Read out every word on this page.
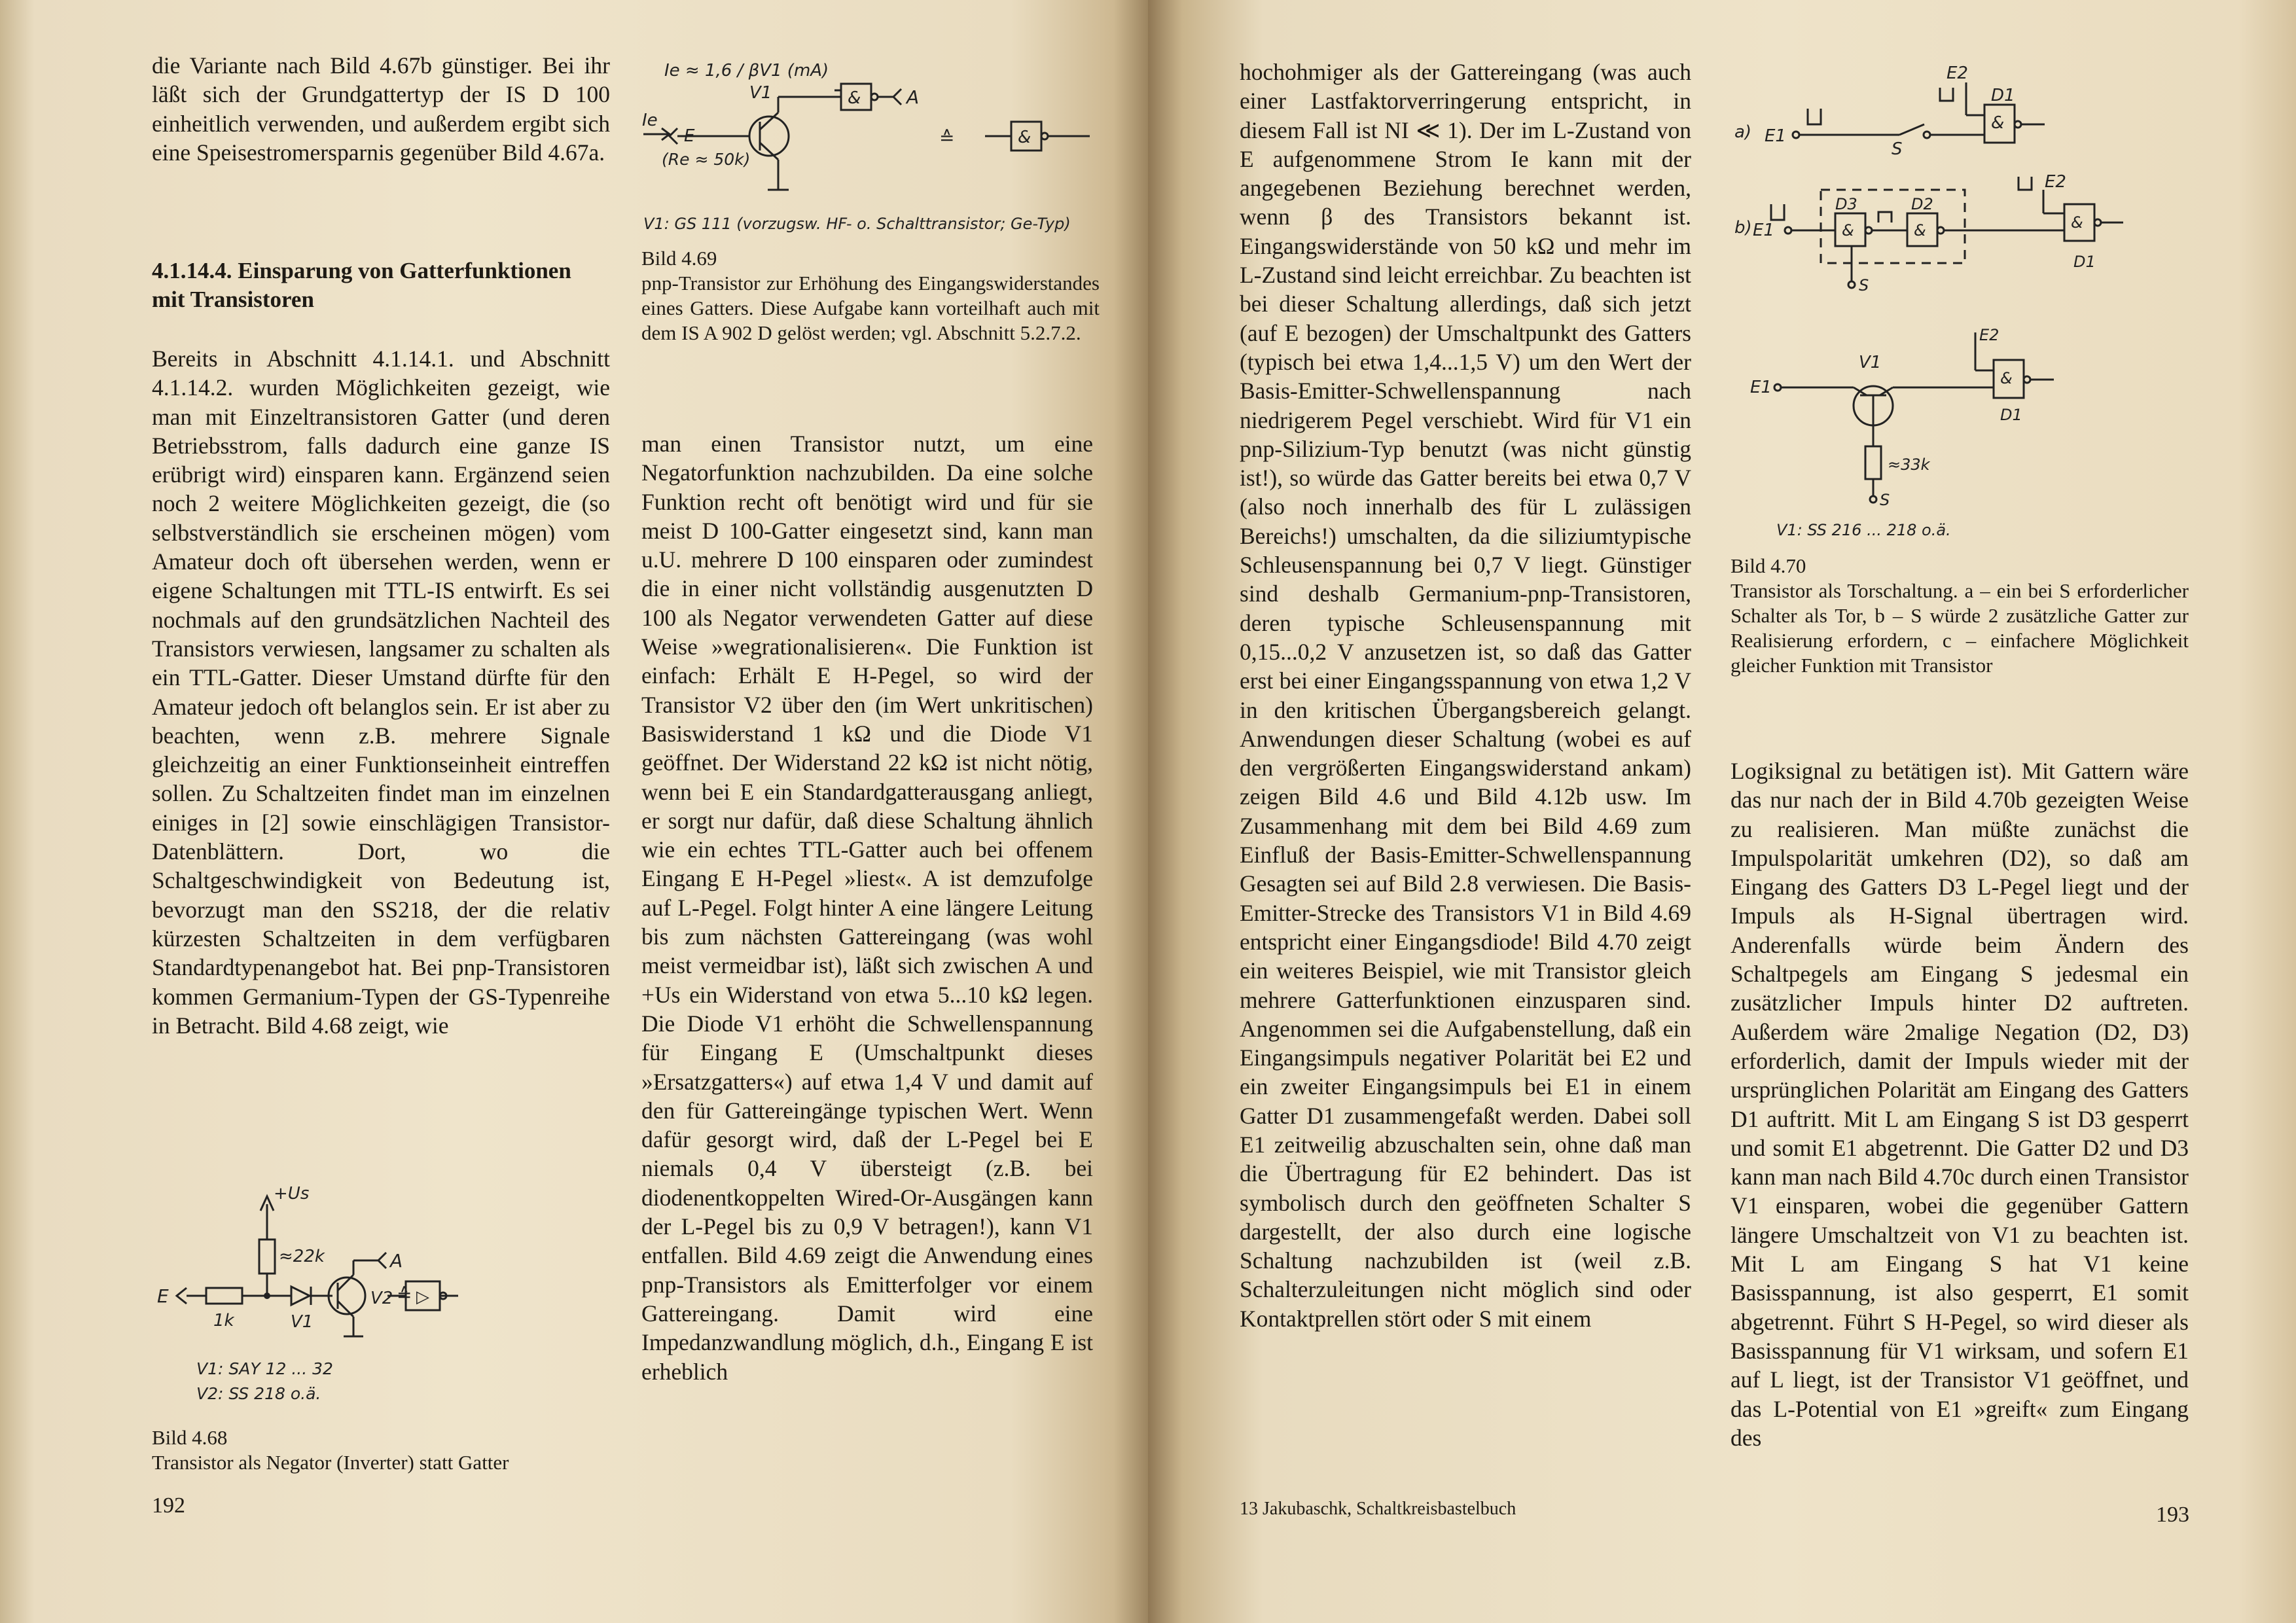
die Variante nach Bild 4.67b günstiger. Bei ihr läßt sich der Grundgattertyp der IS D 100 einheitlich verwenden, und außerdem ergibt sich eine Speisestromersparnis gegenüber Bild 4.67a.

4.1.14.4. Einsparung von Gatterfunktionen mit Transistoren

Bereits in Abschnitt 4.1.14.1. und Abschnitt 4.1.14.2. wurden Möglichkeiten gezeigt, wie man mit Einzeltransistoren Gatter (und deren Betriebsstrom, falls dadurch eine ganze IS erübrigt wird) einsparen kann. Ergänzend seien noch 2 weitere Möglichkeiten gezeigt, die (so selbstverständlich sie erscheinen mögen) vom Amateur doch oft übersehen werden, wenn er eigene Schaltungen mit TTL-IS entwirft. Es sei nochmals auf den grundsätzlichen Nachteil des Transistors verwiesen, langsamer zu schalten als ein TTL-Gatter. Dieser Umstand dürfte für den Amateur jedoch oft belanglos sein. Er ist aber zu beachten, wenn z.B. mehrere Signale gleichzeitig an einer Funktionseinheit eintreffen sollen. Zu Schaltzeiten findet man im einzelnen einiges in [2] sowie einschlägigen Transistor-Datenblättern. Dort, wo die Schaltgeschwindigkeit von Bedeutung ist, bevorzugt man den SS218, der die relativ kürzesten Schaltzeiten in dem verfügbaren Standardtypenangebot hat. Bei pnp-Transistoren kommen Germanium-Typen der GS-Typenreihe in Betracht. Bild 4.68 zeigt, wie

+Us
≈22k
E
1k	V1
V2
A
≙ ▷
V1: SAY 12 ... 32
V2: SS 218 o.ä.
Bild 4.68
Transistor als Negator (Inverter) statt Gatter
192
Ie ≈ 1,6 / βV1 (mA)
Ie
E
(Re ≈ 50k)
V1	A
&
&
≙
V1: GS 111 (vorzugsw. HF- o. Schalttransistor; Ge-Typ)
Bild 4.69
pnp-Transistor zur Erhöhung des Eingangswiderstandes eines Gatters. Diese Aufgabe kann vorteilhaft auch mit dem IS A 902 D gelöst werden; vgl. Abschnitt 5.2.7.2.

man einen Transistor nutzt, um eine Negatorfunktion nachzubilden. Da eine solche Funktion recht oft benötigt wird und für sie meist D 100-Gatter eingesetzt sind, kann man u.U. mehrere D 100 einsparen oder zumindest die in einer nicht vollständig ausgenutzten D 100 als Negator verwendeten Gatter auf diese Weise »wegrationalisieren«. Die Funktion ist einfach: Erhält E H-Pegel, so wird der Transistor V2 über den (im Wert unkritischen) Basiswiderstand 1 kΩ und die Diode V1 geöffnet. Der Widerstand 22 kΩ ist nicht nötig, wenn bei E ein Standardgatterausgang anliegt, er sorgt nur dafür, daß diese Schaltung ähnlich wie ein echtes TTL-Gatter auch bei offenem Eingang E H-Pegel »liest«. A ist demzufolge auf L-Pegel. Folgt hinter A eine längere Leitung bis zum nächsten Gattereingang (was wohl meist vermeidbar ist), läßt sich zwischen A und +Us ein Widerstand von etwa 5...10 kΩ legen. Die Diode V1 erhöht die Schwellenspannung für Eingang E (Umschaltpunkt dieses »Ersatzgatters«) auf etwa 1,4 V und damit auf den für Gattereingänge typischen Wert. Wenn dafür gesorgt wird, daß der L-Pegel bei E niemals 0,4 V übersteigt (z.B. bei diodenentkoppelten Wired-Or-Ausgängen kann der L-Pegel bis zu 0,9 V betragen!), kann V1 entfallen. Bild 4.69 zeigt die Anwendung eines pnp-Transistors als Emitterfolger vor einem Gattereingang. Damit wird eine Impedanzwandlung möglich, d.h., Eingang E ist erheblich

hochohmiger als der Gattereingang (was auch einer Lastfaktorverringerung entspricht, in diesem Fall ist NI ≪ 1). Der im L-Zustand von E aufgenommene Strom Ie kann mit der angegebenen Beziehung berechnet werden, wenn β des Transistors bekannt ist. Eingangswiderstände von 50 kΩ und mehr im L-Zustand sind leicht erreichbar. Zu beachten ist bei dieser Schaltung allerdings, daß sich jetzt (auf E bezogen) der Umschaltpunkt des Gatters (typisch bei etwa 1,4...1,5 V) um den Wert der Basis-Emitter-Schwellenspannung nach niedrigerem Pegel verschiebt. Wird für V1 ein pnp-Silizium-Typ benutzt (was nicht günstig ist!), so würde das Gatter bereits bei etwa 0,7 V (also noch innerhalb des für L zulässigen Bereichs!) umschalten, da die siliziumtypische Schleusenspannung bei 0,7 V liegt. Günstiger sind deshalb Germanium-pnp-Transistoren, deren typische Schleusenspannung mit 0,15...0,2 V anzusetzen ist, so daß das Gatter erst bei einer Eingangsspannung von etwa 1,2 V in den kritischen Übergangsbereich gelangt. Anwendungen dieser Schaltung (wobei es auf den vergrößerten Eingangswiderstand ankam) zeigen Bild 4.6 und Bild 4.12b usw. Im Zusammenhang mit dem bei Bild 4.69 zum Einfluß der Basis-Emitter-Schwellenspannung Gesagten sei auf Bild 2.8 verwiesen. Die Basis-Emitter-Strecke des Transistors V1 in Bild 4.69 entspricht einer Eingangsdiode! Bild 4.70 zeigt ein weiteres Beispiel, wie mit Transistor gleich mehrere Gatterfunktionen einzusparen sind. Angenommen sei die Aufgabenstellung, daß ein Eingangsimpuls negativer Polarität bei E2 und ein zweiter Eingangsimpuls bei E1 in einem Gatter D1 zusammengefaßt werden. Dabei soll E1 zeitweilig abzuschalten sein, ohne daß man die Übertragung für E2 behindert. Das ist symbolisch durch den geöffneten Schalter S dargestellt, der also durch eine logische Schaltung nachzubilden ist (weil z.B. Schalterzuleitungen nicht möglich sind oder Kontaktprellen stört oder S mit einem

a) E1
S
E2
&
D1
b) E1	&
D3
&
D2
S
E2
&
D1
E2
E1
V1
≈33k
S
&
D1
V1: SS 216 ... 218 o.ä.
Bild 4.70
Transistor als Torschaltung. a – ein bei S erforderlicher Schalter als Tor, b – S würde 2 zusätzliche Gatter zur Realisierung erfordern, c – einfachere Möglichkeit gleicher Funktion mit Transistor

Logiksignal zu betätigen ist). Mit Gattern wäre das nur nach der in Bild 4.70b gezeigten Weise zu realisieren. Man müßte zunächst die Impulspolarität umkehren (D2), so daß am Eingang des Gatters D3 L-Pegel liegt und der Impuls als H-Signal übertragen wird. Anderenfalls würde beim Ändern des Schaltpegels am Eingang S jedesmal ein zusätzlicher Impuls hinter D2 auftreten. Außerdem wäre 2malige Negation (D2, D3) erforderlich, damit der Impuls wieder mit der ursprünglichen Polarität am Eingang des Gatters D1 auftritt. Mit L am Eingang S ist D3 gesperrt und somit E1 abgetrennt. Die Gatter D2 und D3 kann man nach Bild 4.70c durch einen Transistor V1 einsparen, wobei die gegenüber Gattern längere Umschaltzeit von V1 zu beachten ist. Mit L am Eingang S hat V1 keine Basisspannung, ist also gesperrt, E1 somit abgetrennt. Führt S H-Pegel, so wird dieser als Basisspannung für V1 wirksam, und sofern E1 auf L liegt, ist der Transistor V1 geöffnet, und das L-Potential von E1 »greift« zum Eingang des

13 Jakubaschk, Schaltkreisbastelbuch	193
